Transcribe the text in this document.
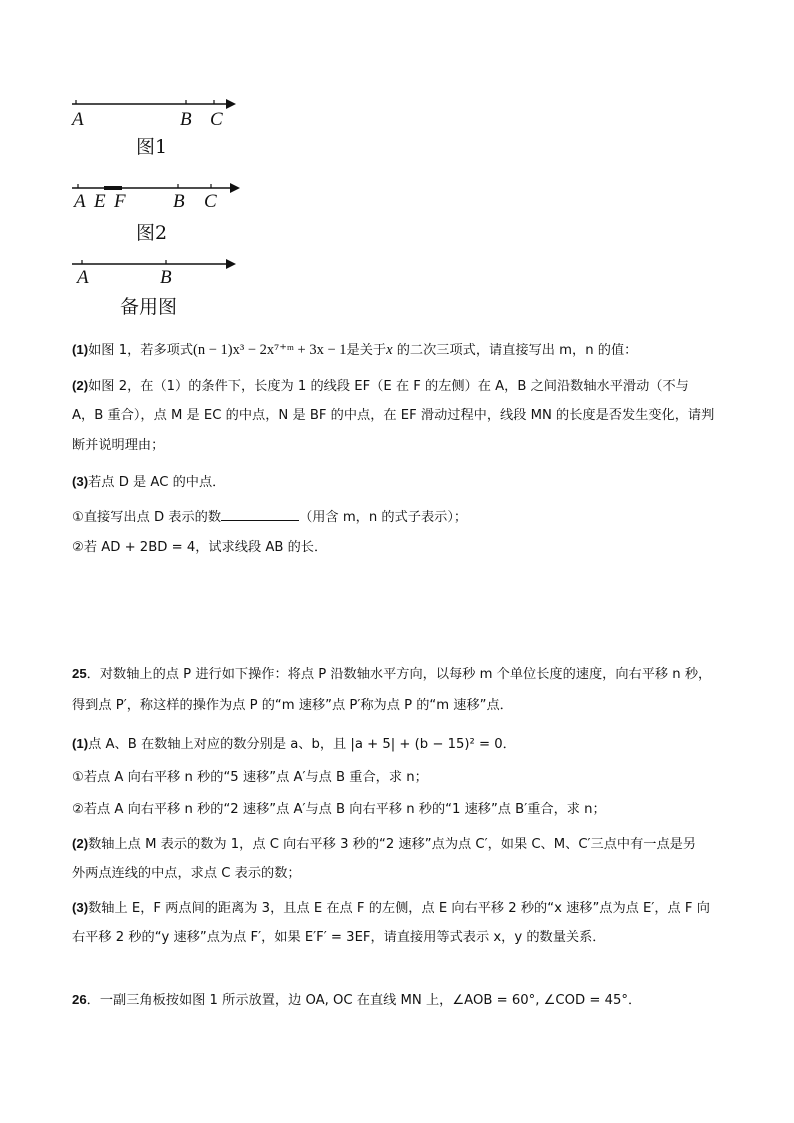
A	B C
图1
A E F B C
图2
A	B
备用图
(1)如图 1，若多项式(n − 1)x³ − 2x⁷⁺ᵐ + 3x − 1是关于x 的二次三项式，请直接写出 m，n 的值：
(2)如图 2，在（1）的条件下，长度为 1 的线段 EF（E 在 F 的左侧）在 A，B 之间沿数轴水平滑动（不与
A，B 重合），点 M 是 EC 的中点，N 是 BF 的中点，在 EF 滑动过程中，线段 MN 的长度是否发生变化，请判
断并说明理由；
(3)若点 D 是 AC 的中点．
①直接写出点 D 表示的数	（用含 m，n 的式子表示）；
②若 AD + 2BD = 4，试求线段 AB 的长．
25．对数轴上的点 P 进行如下操作：将点 P 沿数轴水平方向，以每秒 m 个单位长度的速度，向右平移 n 秒，
得到点 P′，称这样的操作为点 P 的“m 速移”点 P′称为点 P 的“m 速移”点．
(1)点 A、B 在数轴上对应的数分别是 a、b，且 |a + 5| + (b − 15)² = 0．
①若点 A 向右平移 n 秒的“5 速移”点 A′与点 B 重合，求 n；
②若点 A 向右平移 n 秒的“2 速移”点 A′与点 B 向右平移 n 秒的“1 速移”点 B′重合，求 n；
(2)数轴上点 M 表示的数为 1，点 C 向右平移 3 秒的“2 速移”点为点 C′，如果 C、M、C′三点中有一点是另
外两点连线的中点，求点 C 表示的数；
(3)数轴上 E，F 两点间的距离为 3，且点 E 在点 F 的左侧，点 E 向右平移 2 秒的“x 速移”点为点 E′，点 F 向
右平移 2 秒的“y 速移”点为点 F′，如果 E′F′ = 3EF，请直接用等式表示 x，y 的数量关系．
26．一副三角板按如图 1 所示放置，边 OA, OC 在直线 MN 上，∠AOB = 60°, ∠COD = 45°．
